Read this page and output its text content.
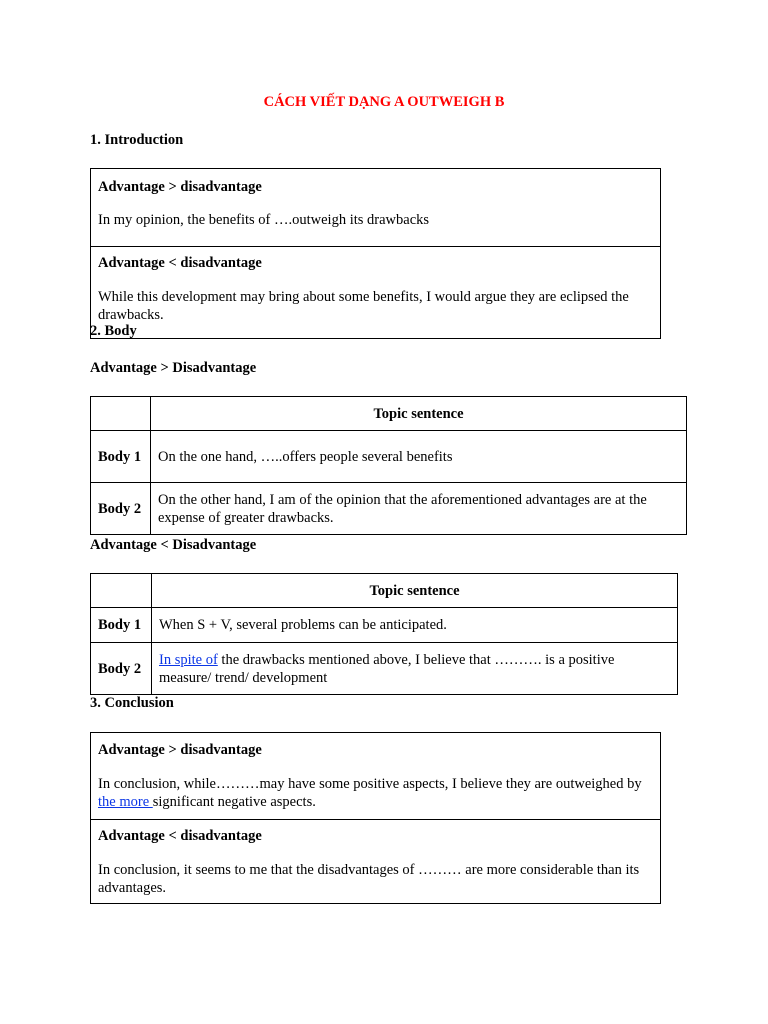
CÁCH VIẾT DẠNG A OUTWEIGH B
1. Introduction
Advantage > disadvantage
In my opinion, the benefits of ….outweigh its drawbacks

Advantage < disadvantage
While this development may bring about some benefits, I would argue they are eclipsed the drawbacks.
2. Body
Advantage > Disadvantage
	Topic sentence
Body 1	On the one hand, …..offers people several benefits
Body 2	On the other hand, I am of the opinion that the aforementioned advantages are at the expense of greater drawbacks.
Advantage < Disadvantage
	Topic sentence
Body 1	When S + V, several problems can be anticipated.
Body 2	In spite of the drawbacks mentioned above, I believe that ………. is a positive measure/ trend/ development
3. Conclusion
Advantage > disadvantage
In conclusion, while………may have some positive aspects, I believe they are outweighed by the more significant negative aspects.

Advantage < disadvantage
In conclusion, it seems to me that the disadvantages of ……… are more considerable than its advantages.
